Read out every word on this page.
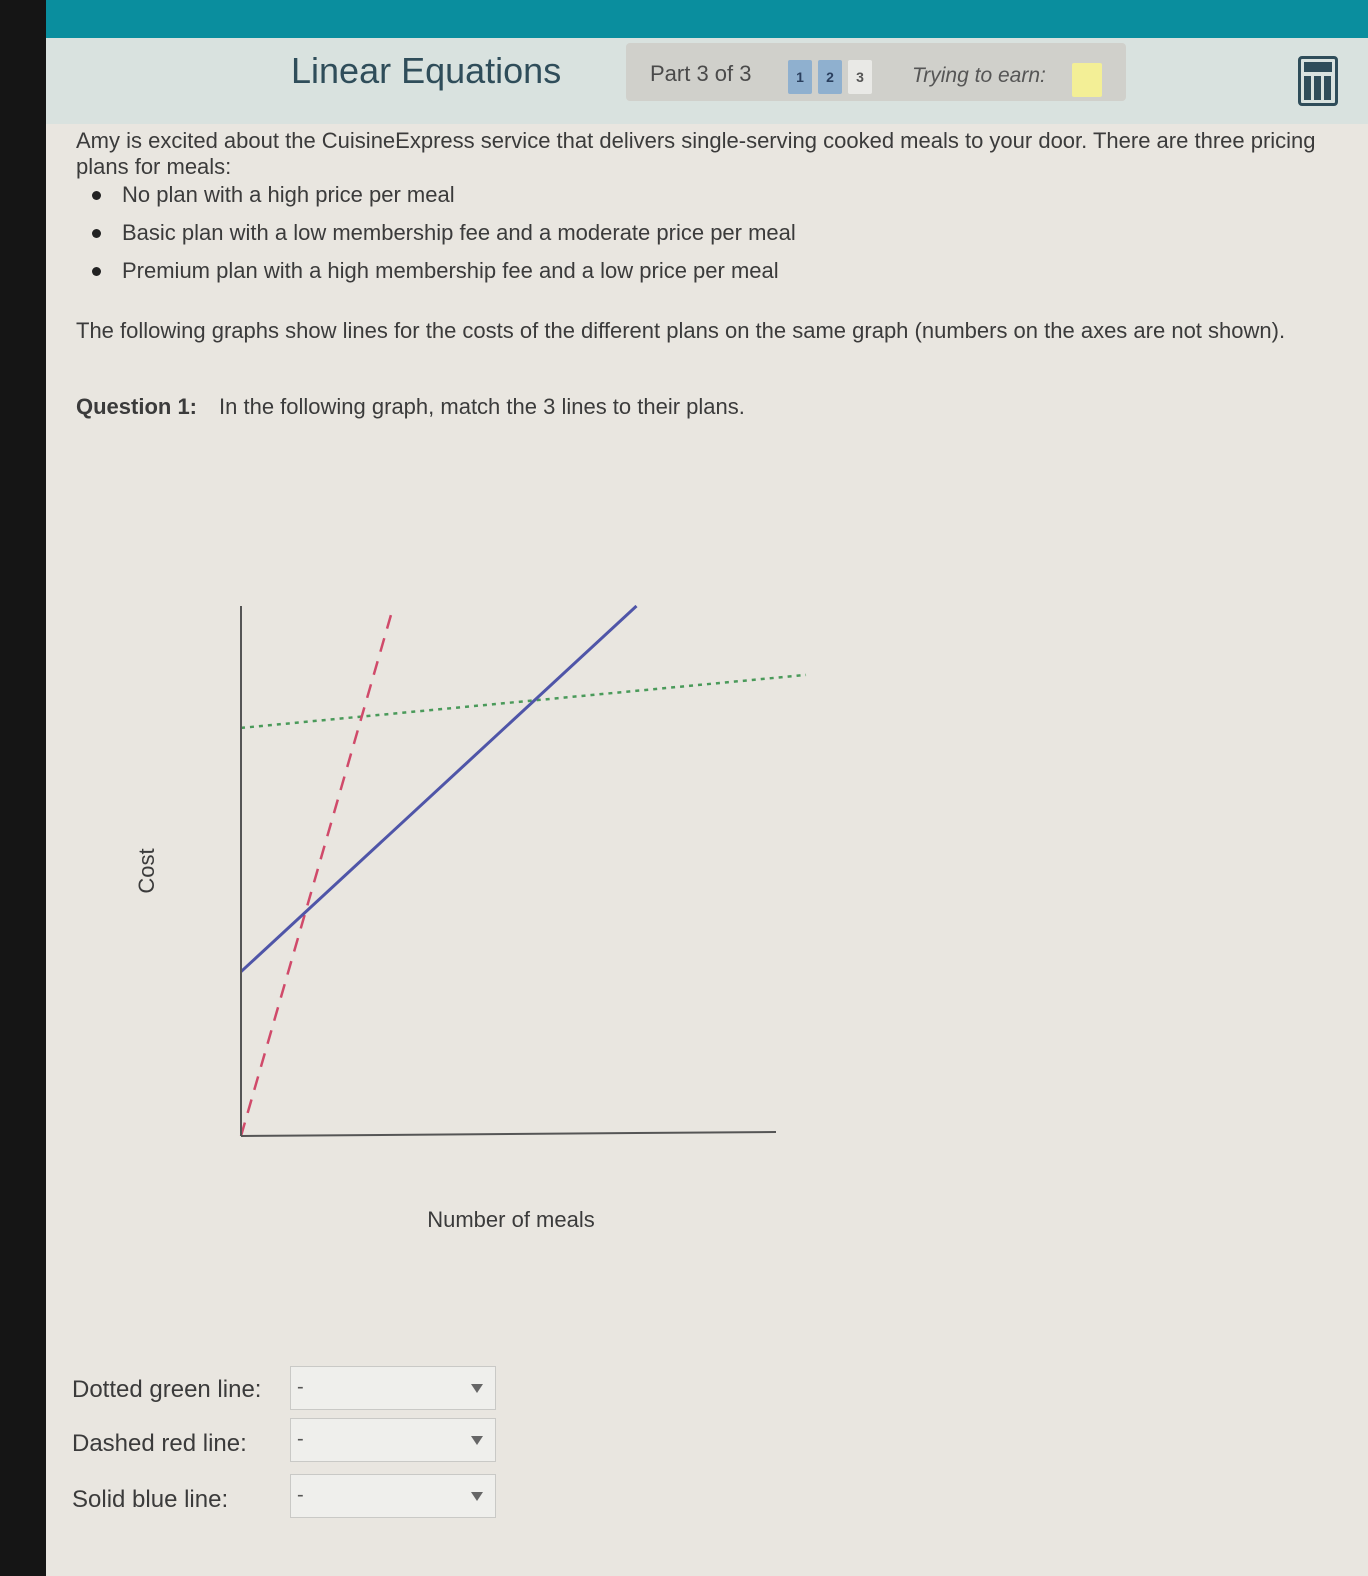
Linear Equations	Part 3 of 3	1	2	3	Trying to earn:
Amy is excited about the CuisineExpress service that delivers single-serving cooked meals to your door. There are three pricing plans for meals:
No plan with a high price per meal
Basic plan with a low membership fee and a moderate price per meal
Premium plan with a high membership fee and a low price per meal
The following graphs show lines for the costs of the different plans on the same graph (numbers on the axes are not shown).
Question 1: In the following graph, match the 3 lines to their plans.
Cost
Number of meals
Dotted green line: -
Dashed red line:	-
Solid blue line:	-
